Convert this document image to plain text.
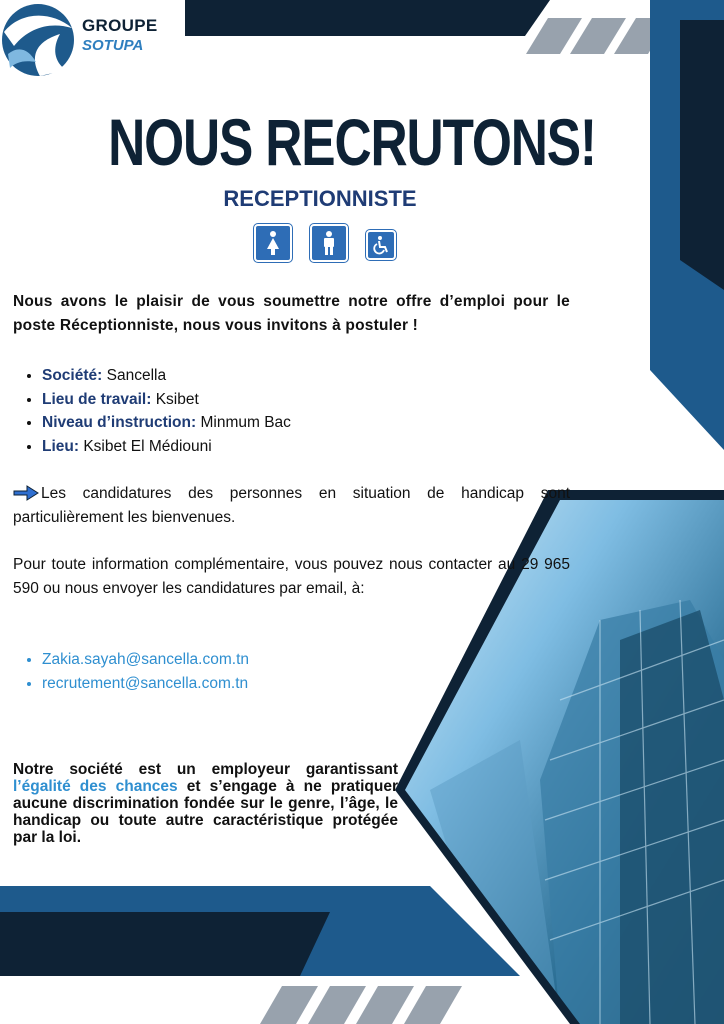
GROUPE
SOTUPA
NOUS RECRUTONS!
RECEPTIONNISTE
Nous avons le plaisir de vous soumettre notre offre d’emploi pour le poste Réceptionniste, nous vous invitons à postuler !
• Société: Sancella
• Lieu de travail: Ksibet
• Niveau d’instruction: Minmum Bac
• Lieu: Ksibet El Médiouni
Les candidatures des personnes en situation de handicap sont particulièrement les bienvenues.
Pour toute information complémentaire, vous pouvez nous contacter au 29 965 590 ou nous envoyer les candidatures par email, à:
• Zakia.sayah@sancella.com.tn
• recrutement@sancella.com.tn
Notre société est un employeur garantissant l’égalité des chances et s’engage à ne pratiquer aucune discrimination fondée sur le genre, l’âge, le handicap ou toute autre caractéristique protégée par la loi.
